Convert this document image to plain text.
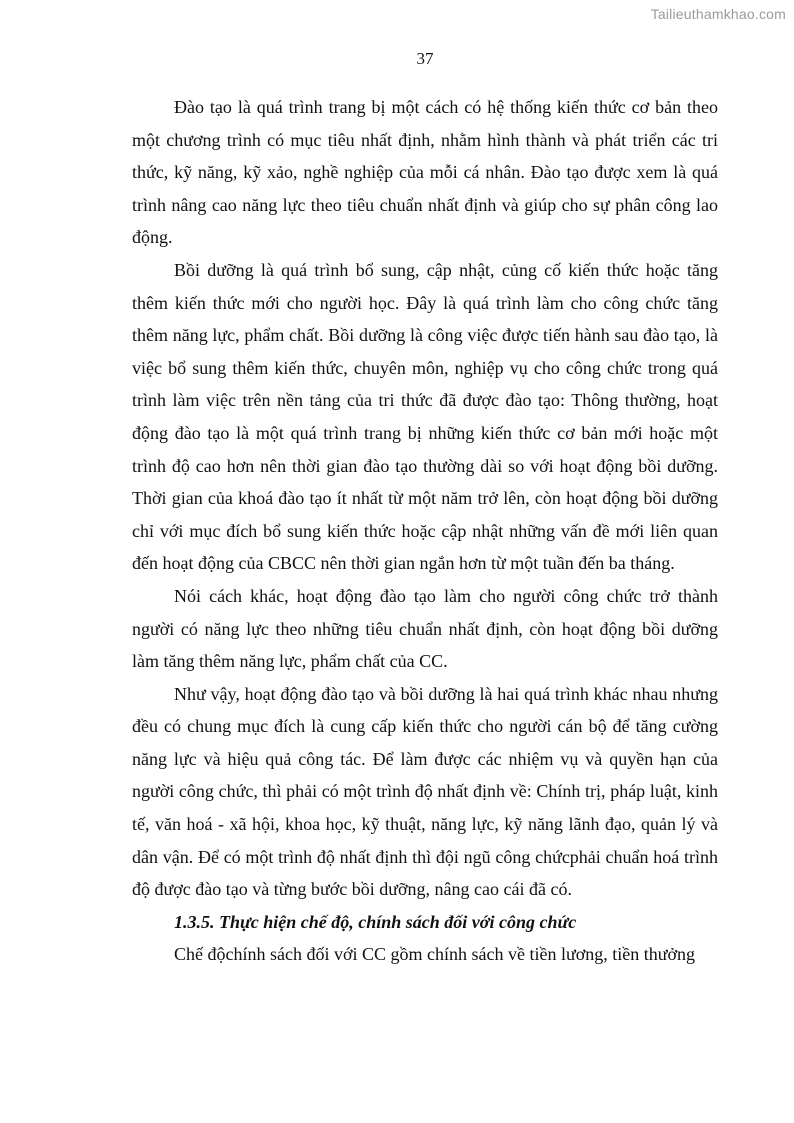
Tailieuthamkhao.com
37

Đào tạo là quá trình trang bị một cách có hệ thống kiến thức cơ bản theo một chương trình có mục tiêu nhất định, nhằm hình thành và phát triển các tri thức, kỹ năng, kỹ xảo, nghề nghiệp của mỗi cá nhân. Đào tạo được xem là quá trình nâng cao năng lực theo tiêu chuẩn nhất định và giúp cho sự phân công lao động.

Bồi dưỡng là quá trình bổ sung, cập nhật, củng cố kiến thức hoặc tăng thêm kiến thức mới cho người học. Đây là quá trình làm cho công chức tăng thêm năng lực, phẩm chất. Bồi dưỡng là công việc được tiến hành sau đào tạo, là việc bổ sung thêm kiến thức, chuyên môn, nghiệp vụ cho công chức trong quá trình làm việc trên nền tảng của tri thức đã được đào tạo: Thông thường, hoạt động đào tạo là một quá trình trang bị những kiến thức cơ bản mới hoặc một trình độ cao hơn nên thời gian đào tạo thường dài so với hoạt động bồi dưỡng. Thời gian của khoá đào tạo ít nhất từ một năm trở lên, còn hoạt động bồi dưỡng chỉ với mục đích bổ sung kiến thức hoặc cập nhật những vấn đề mới liên quan đến hoạt động của CBCC nên thời gian ngắn hơn từ một tuần đến ba tháng.

Nói cách khác, hoạt động đào tạo làm cho người công chức trở thành người có năng lực theo những tiêu chuẩn nhất định, còn hoạt động bồi dưỡng làm tăng thêm năng lực, phẩm chất của CC.

Như vậy, hoạt động đào tạo và bồi dưỡng là hai quá trình khác nhau nhưng đều có chung mục đích là cung cấp kiến thức cho người cán bộ để tăng cường năng lực và hiệu quả công tác. Để làm được các nhiệm vụ và quyền hạn của người công chức, thì phải có một trình độ nhất định về: Chính trị, pháp luật, kinh tế, văn hoá - xã hội, khoa học, kỹ thuật, năng lực, kỹ năng lãnh đạo, quản lý và dân vận. Để có một trình độ nhất định thì đội ngũ công chứcphải chuẩn hoá trình độ được đào tạo và từng bước bồi dưỡng, nâng cao cái đã có.

1.3.5. Thực hiện chế độ, chính sách đối với công chức

Chế độchính sách đối với CC gồm chính sách về tiền lương, tiền thưởng
